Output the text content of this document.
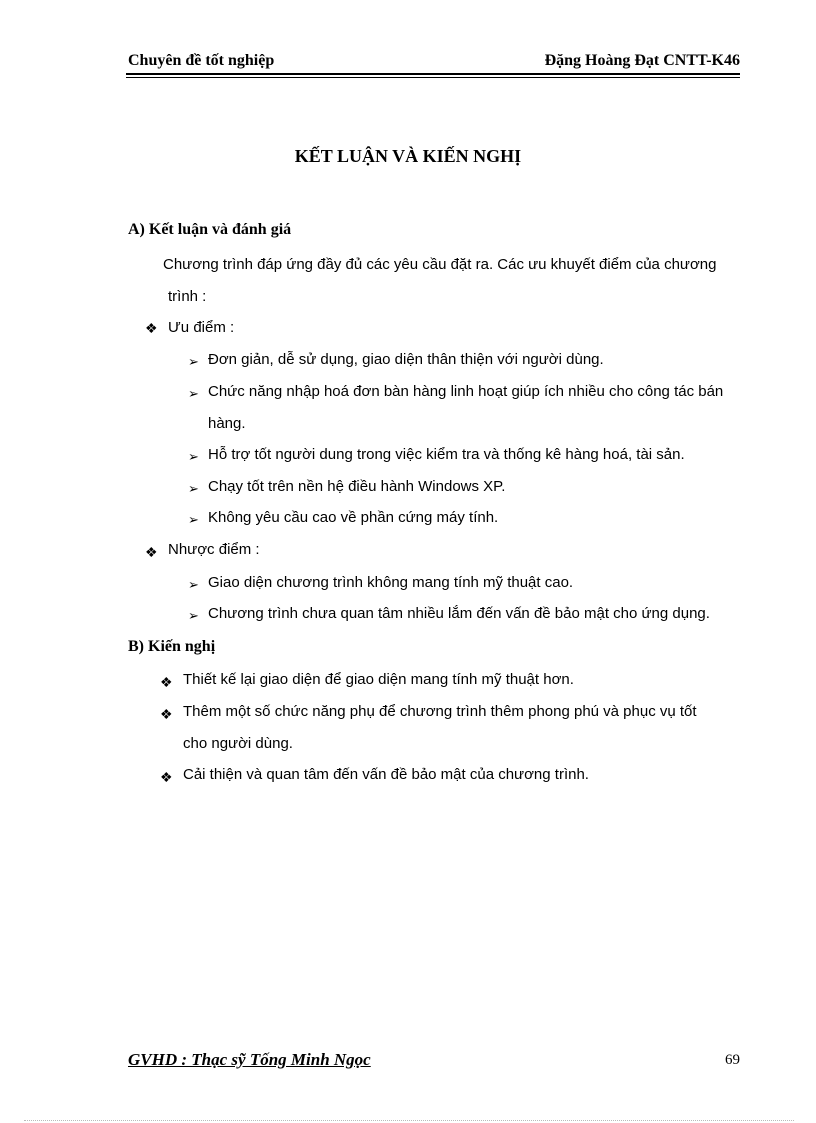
Chuyên đề tốt nghiệp	Đặng Hoàng Đạt CNTT-K46
KẾT LUẬN VÀ KIẾN NGHỊ
A) Kết luận và đánh giá
Chương trình đáp ứng đầy đủ các yêu cầu đặt ra. Các ưu khuyết điểm của chương
trình :
❖ Ưu điểm :
➢ Đơn giản, dễ sử dụng, giao diện thân thiện với người dùng.
➢ Chức năng nhập hoá đơn bàn hàng linh hoạt giúp ích nhiều cho công tác bán
hàng.
➢ Hỗ trợ tốt người dung trong việc kiểm tra và thống kê hàng hoá, tài sản.
➢ Chạy tốt trên nền hệ điều hành Windows XP.
➢ Không yêu cầu cao về phần cứng máy tính.
❖ Nhược điểm :
➢ Giao diện chương trình không mang tính mỹ thuật cao.
➢ Chương trình chưa quan tâm nhiều lắm đến vấn đề bảo mật cho ứng dụng.
B) Kiến nghị
❖ Thiết kế lại giao diện để giao diện mang tính mỹ thuật hơn.
❖ Thêm một số chức năng phụ để chương trình thêm phong phú và phục vụ tốt
cho người dùng.
❖ Cải thiện và quan tâm đến vấn đề bảo mật của chương trình.
GVHD : Thạc sỹ Tống Minh Ngọc	69
